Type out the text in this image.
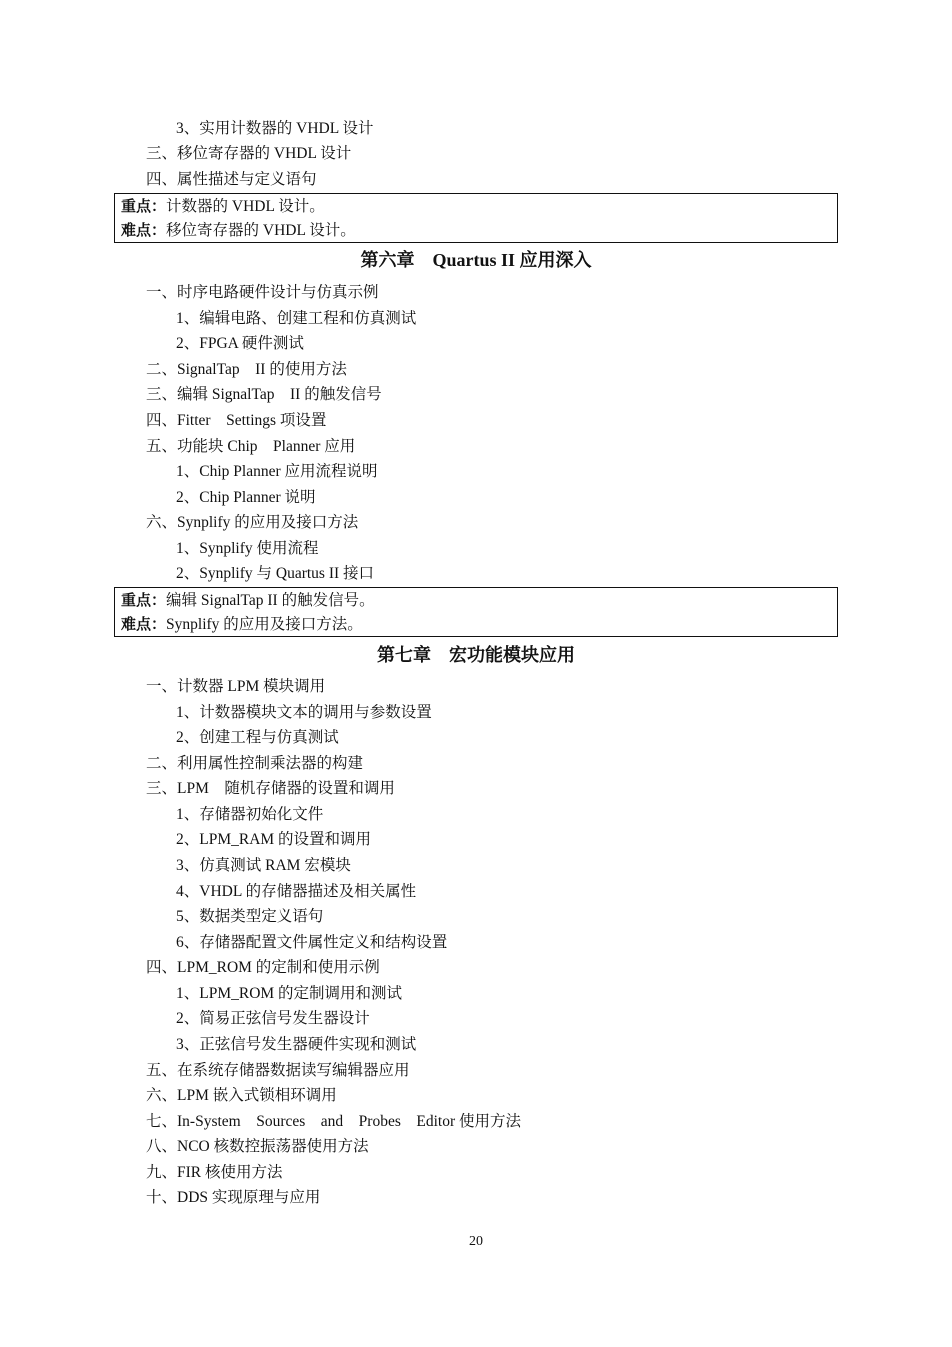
3、实用计数器的 VHDL 设计
三、移位寄存器的 VHDL 设计
四、属性描述与定义语句
重点：计数器的 VHDL 设计。
难点：移位寄存器的 VHDL 设计。
第六章    Quartus II 应用深入
一、时序电路硬件设计与仿真示例
1、编辑电路、创建工程和仿真测试
2、FPGA 硬件测试
二、SignalTap    II 的使用方法
三、编辑 SignalTap    II 的触发信号
四、Fitter    Settings 项设置
五、功能块 Chip    Planner 应用
1、Chip Planner 应用流程说明
2、Chip Planner 说明
六、Synplify 的应用及接口方法
1、Synplify 使用流程
2、Synplify 与 Quartus II 接口
重点：编辑 SignalTap II 的触发信号。
难点：Synplify 的应用及接口方法。
第七章    宏功能模块应用
一、计数器 LPM 模块调用
1、计数器模块文本的调用与参数设置
2、创建工程与仿真测试
二、利用属性控制乘法器的构建
三、LPM    随机存储器的设置和调用
1、存储器初始化文件
2、LPM_RAM 的设置和调用
3、仿真测试 RAM 宏模块
4、VHDL 的存储器描述及相关属性
5、数据类型定义语句
6、存储器配置文件属性定义和结构设置
四、LPM_ROM 的定制和使用示例
1、LPM_ROM 的定制调用和测试
2、简易正弦信号发生器设计
3、正弦信号发生器硬件实现和测试
五、在系统存储器数据读写编辑器应用
六、LPM 嵌入式锁相环调用
七、In-System    Sources    and    Probes    Editor 使用方法
八、NCO 核数控振荡器使用方法
九、FIR 核使用方法
十、DDS 实现原理与应用
20
